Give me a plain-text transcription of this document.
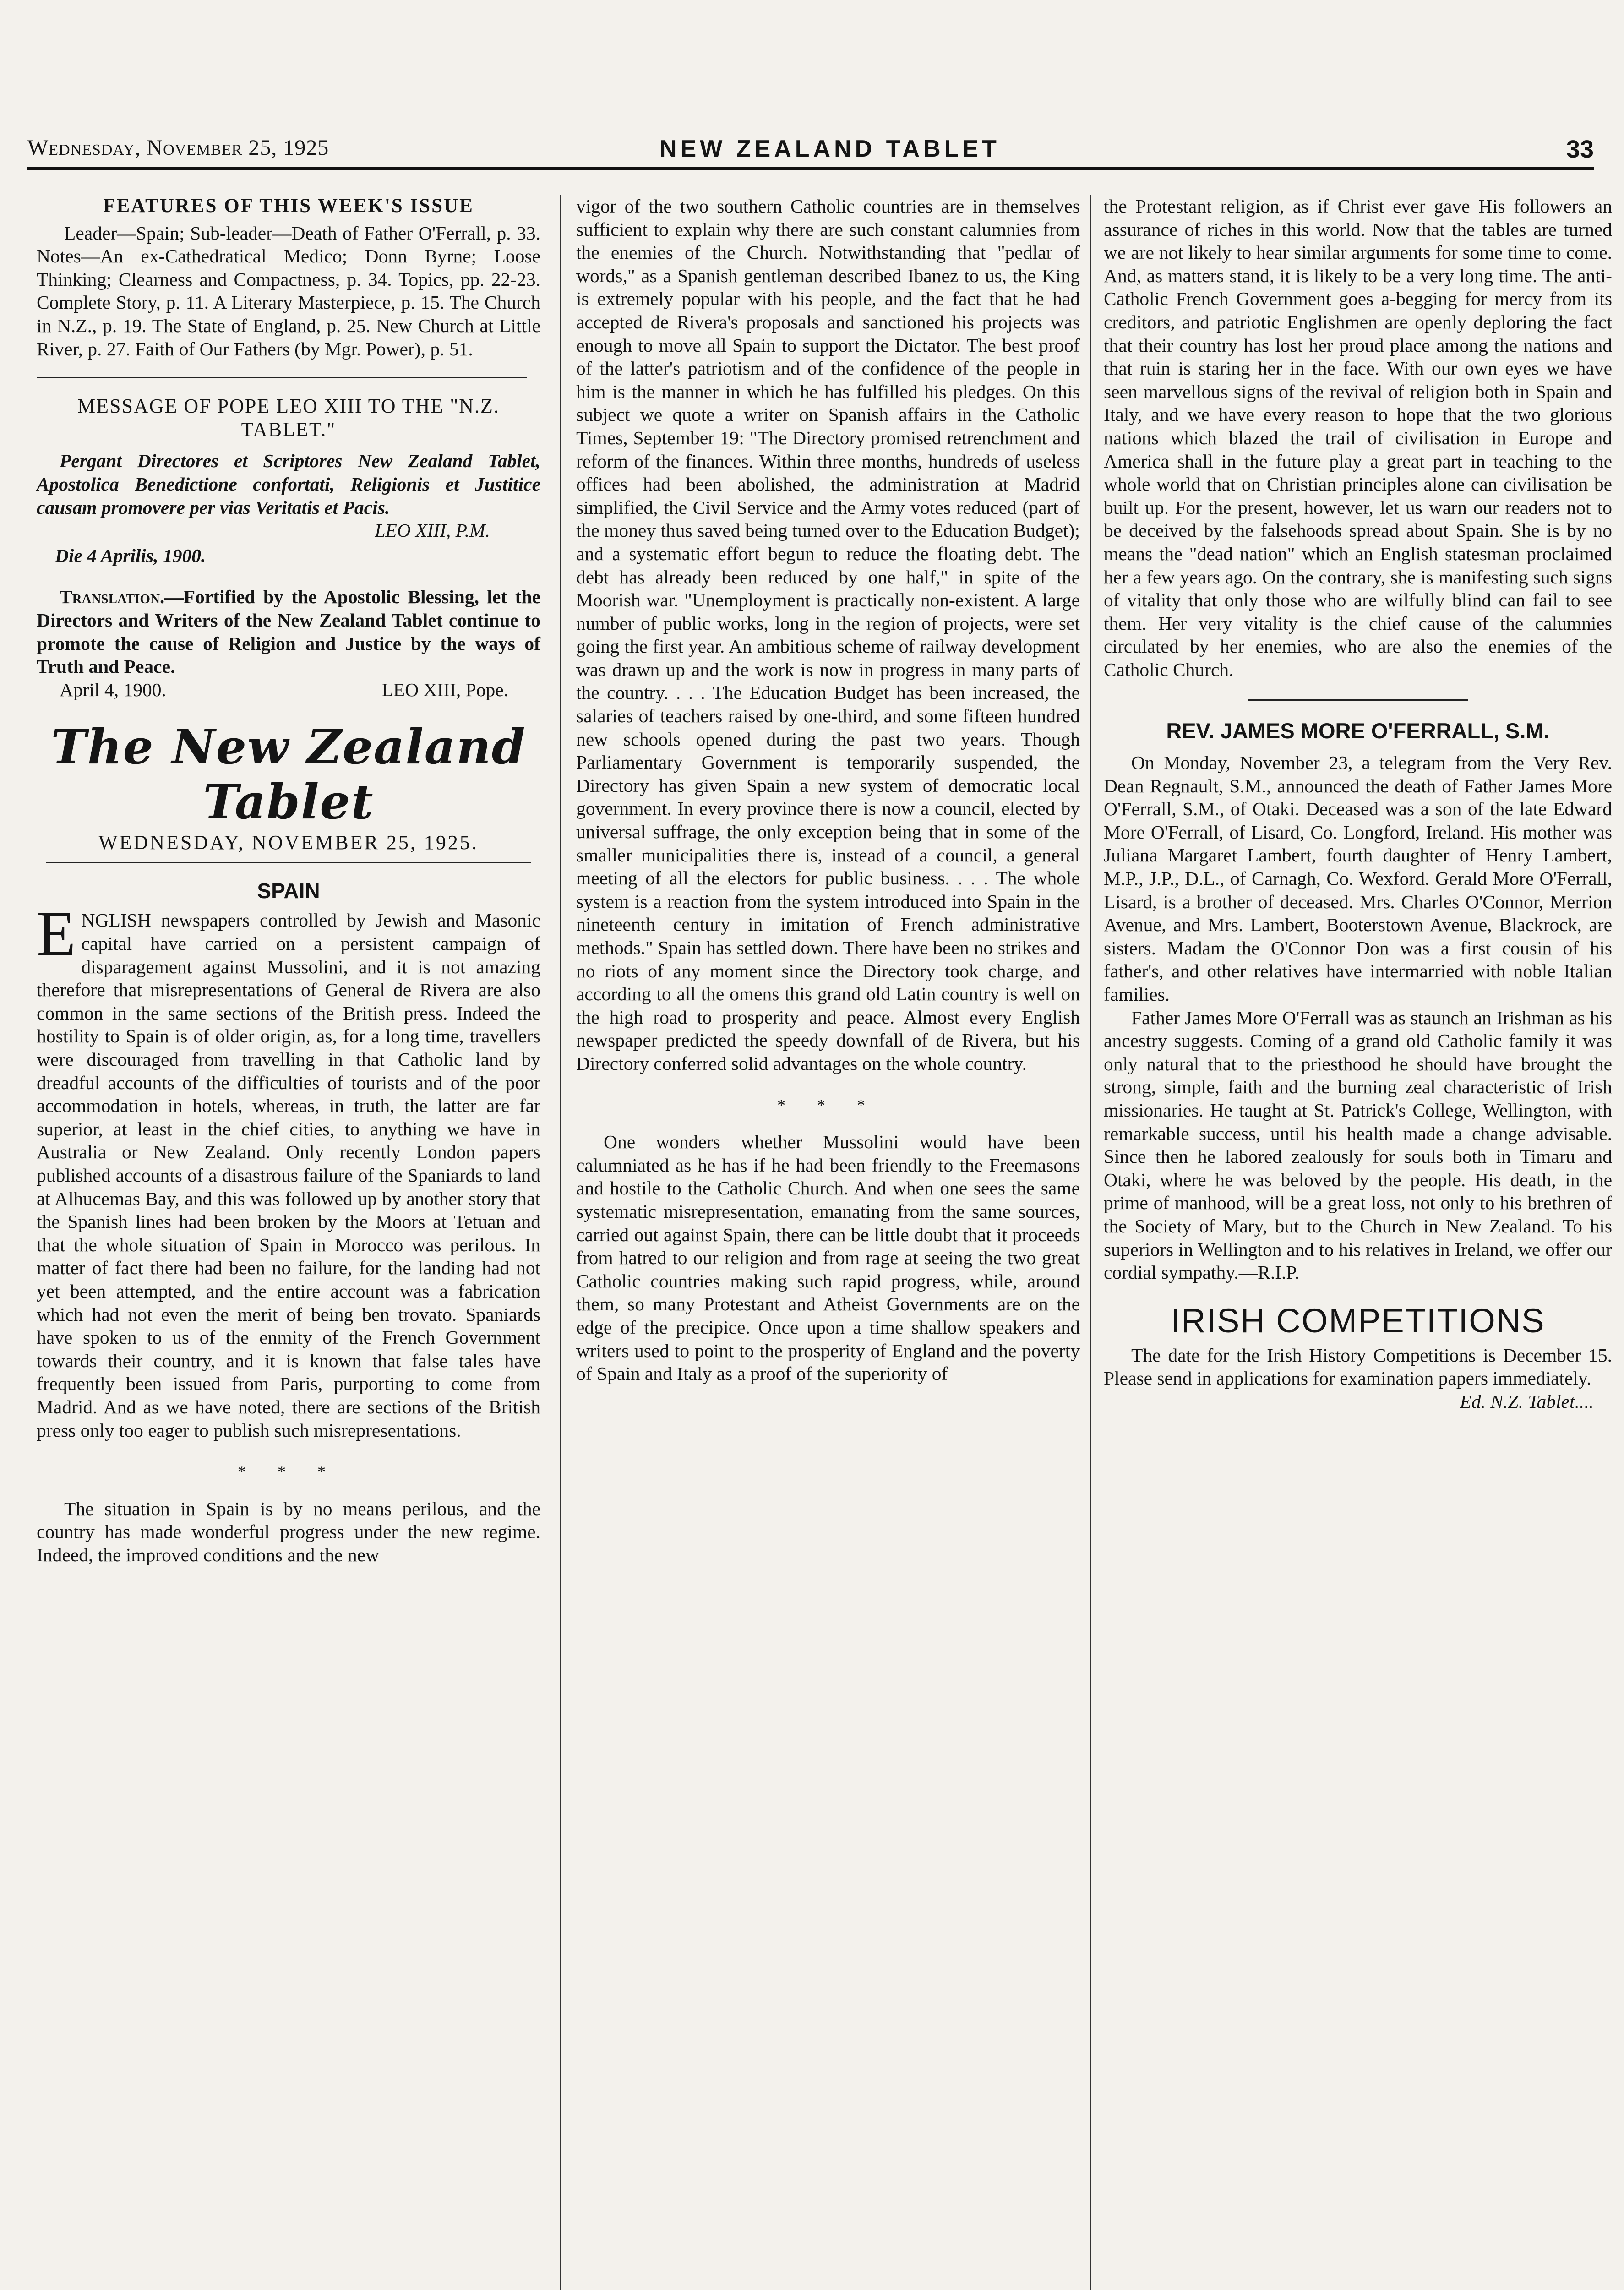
Wednesday, November 25, 1925	NEW ZEALAND TABLET	33
FEATURES OF THIS WEEK'S ISSUE

Leader—Spain; Sub-leader—Death of Father O'Ferrall, p. 33. Notes—An ex-Cathedratical Medico; Donn Byrne; Loose Thinking; Clearness and Compactness, p. 34. Topics, pp. 22-23. Complete Story, p. 11. A Literary Masterpiece, p. 15. The Church in N.Z., p. 19. The State of England, p. 25. New Church at Little River, p. 27. Faith of Our Fathers (by Mgr. Power), p. 51.

MESSAGE OF POPE LEO XIII TO THE "N.Z. TABLET."

Pergant Directores et Scriptores New Zealand Tablet, Apostolica Benedictione confortati, Religionis et Justitice causam promovere per vias Veritatis et Pacis.

LEO XIII, P.M.

Die 4 Aprilis, 1900.

Translation.—Fortified by the Apostolic Blessing, let the Directors and Writers of the New Zealand Tablet continue to promote the cause of Religion and Justice by the ways of Truth and Peace.

April 4, 1900.	LEO XIII, Pope.

The New Zealand Tablet
WEDNESDAY, NOVEMBER 25, 1925.
SPAIN

ENGLISH newspapers controlled by Jewish and Masonic capital have carried on a persistent campaign of disparagement against Mussolini, and it is not amazing therefore that misrepresentations of General de Rivera are also common in the same sections of the British press. Indeed the hostility to Spain is of older origin, as, for a long time, travellers were discouraged from travelling in that Catholic land by dreadful accounts of the difficulties of tourists and of the poor accommodation in hotels, whereas, in truth, the latter are far superior, at least in the chief cities, to anything we have in Australia or New Zealand. Only recently London papers published accounts of a disastrous failure of the Spaniards to land at Alhucemas Bay, and this was followed up by another story that the Spanish lines had been broken by the Moors at Tetuan and that the whole situation of Spain in Morocco was perilous. In matter of fact there had been no failure, for the landing had not yet been attempted, and the entire account was a fabrication which had not even the merit of being ben trovato. Spaniards have spoken to us of the enmity of the French Government towards their country, and it is known that false tales have frequently been issued from Paris, purporting to come from Madrid. And as we have noted, there are sections of the British press only too eager to publish such misrepresentations.

* * *

The situation in Spain is by no means perilous, and the country has made wonderful progress under the new regime. Indeed, the improved conditions and the new

vigor of the two southern Catholic countries are in themselves sufficient to explain why there are such constant calumnies from the enemies of the Church. Notwithstanding that "pedlar of words," as a Spanish gentleman described Ibanez to us, the King is extremely popular with his people, and the fact that he had accepted de Rivera's proposals and sanctioned his projects was enough to move all Spain to support the Dictator. The best proof of the latter's patriotism and of the confidence of the people in him is the manner in which he has fulfilled his pledges. On this subject we quote a writer on Spanish affairs in the Catholic Times, September 19: "The Directory promised retrenchment and reform of the finances. Within three months, hundreds of useless offices had been abolished, the administration at Madrid simplified, the Civil Service and the Army votes reduced (part of the money thus saved being turned over to the Education Budget); and a systematic effort begun to reduce the floating debt. The debt has already been reduced by one half," in spite of the Moorish war. "Unemployment is practically non-existent. A large number of public works, long in the region of projects, were set going the first year. An ambitious scheme of railway development was drawn up and the work is now in progress in many parts of the country. . . . The Education Budget has been increased, the salaries of teachers raised by one-third, and some fifteen hundred new schools opened during the past two years. Though Parliamentary Government is temporarily suspended, the Directory has given Spain a new system of democratic local government. In every province there is now a council, elected by universal suffrage, the only exception being that in some of the smaller municipalities there is, instead of a council, a general meeting of all the electors for public business. . . . The whole system is a reaction from the system introduced into Spain in the nineteenth century in imitation of French administrative methods." Spain has settled down. There have been no strikes and no riots of any moment since the Directory took charge, and according to all the omens this grand old Latin country is well on the high road to prosperity and peace. Almost every English newspaper predicted the speedy downfall of de Rivera, but his Directory conferred solid advantages on the whole country.

* * *

One wonders whether Mussolini would have been calumniated as he has if he had been friendly to the Freemasons and hostile to the Catholic Church. And when one sees the same systematic misrepresentation, emanating from the same sources, carried out against Spain, there can be little doubt that it proceeds from hatred to our religion and from rage at seeing the two great Catholic countries making such rapid progress, while, around them, so many Protestant and Atheist Governments are on the edge of the precipice. Once upon a time shallow speakers and writers used to point to the prosperity of England and the poverty of Spain and Italy as a proof of the superiority of

the Protestant religion, as if Christ ever gave His followers an assurance of riches in this world. Now that the tables are turned we are not likely to hear similar arguments for some time to come. And, as matters stand, it is likely to be a very long time. The anti-Catholic French Government goes a-begging for mercy from its creditors, and patriotic Englishmen are openly deploring the fact that their country has lost her proud place among the nations and that ruin is staring her in the face. With our own eyes we have seen marvellous signs of the revival of religion both in Spain and Italy, and we have every reason to hope that the two glorious nations which blazed the trail of civilisation in Europe and America shall in the future play a great part in teaching to the whole world that on Christian principles alone can civilisation be built up. For the present, however, let us warn our readers not to be deceived by the falsehoods spread about Spain. She is by no means the "dead nation" which an English statesman proclaimed her a few years ago. On the contrary, she is manifesting such signs of vitality that only those who are wilfully blind can fail to see them. Her very vitality is the chief cause of the calumnies circulated by her enemies, who are also the enemies of the Catholic Church.

REV. JAMES MORE O'FERRALL, S.M.

On Monday, November 23, a telegram from the Very Rev. Dean Regnault, S.M., announced the death of Father James More O'Ferrall, S.M., of Otaki. Deceased was a son of the late Edward More O'Ferrall, of Lisard, Co. Longford, Ireland. His mother was Juliana Margaret Lambert, fourth daughter of Henry Lambert, M.P., J.P., D.L., of Carnagh, Co. Wexford. Gerald More O'Ferrall, Lisard, is a brother of deceased. Mrs. Charles O'Connor, Merrion Avenue, and Mrs. Lambert, Booterstown Avenue, Blackrock, are sisters. Madam the O'Connor Don was a first cousin of his father's, and other relatives have intermarried with noble Italian families.

Father James More O'Ferrall was as staunch an Irishman as his ancestry suggests. Coming of a grand old Catholic family it was only natural that to the priesthood he should have brought the strong, simple, faith and the burning zeal characteristic of Irish missionaries. He taught at St. Patrick's College, Wellington, with remarkable success, until his health made a change advisable. Since then he labored zealously for souls both in Timaru and Otaki, where he was beloved by the people. His death, in the prime of manhood, will be a great loss, not only to his brethren of the Society of Mary, but to the Church in New Zealand. To his superiors in Wellington and to his relatives in Ireland, we offer our cordial sympathy.—R.I.P.

IRISH COMPETITIONS

The date for the Irish History Competitions is December 15. Please send in applications for examination papers immediately.

Ed. N.Z. Tablet....
